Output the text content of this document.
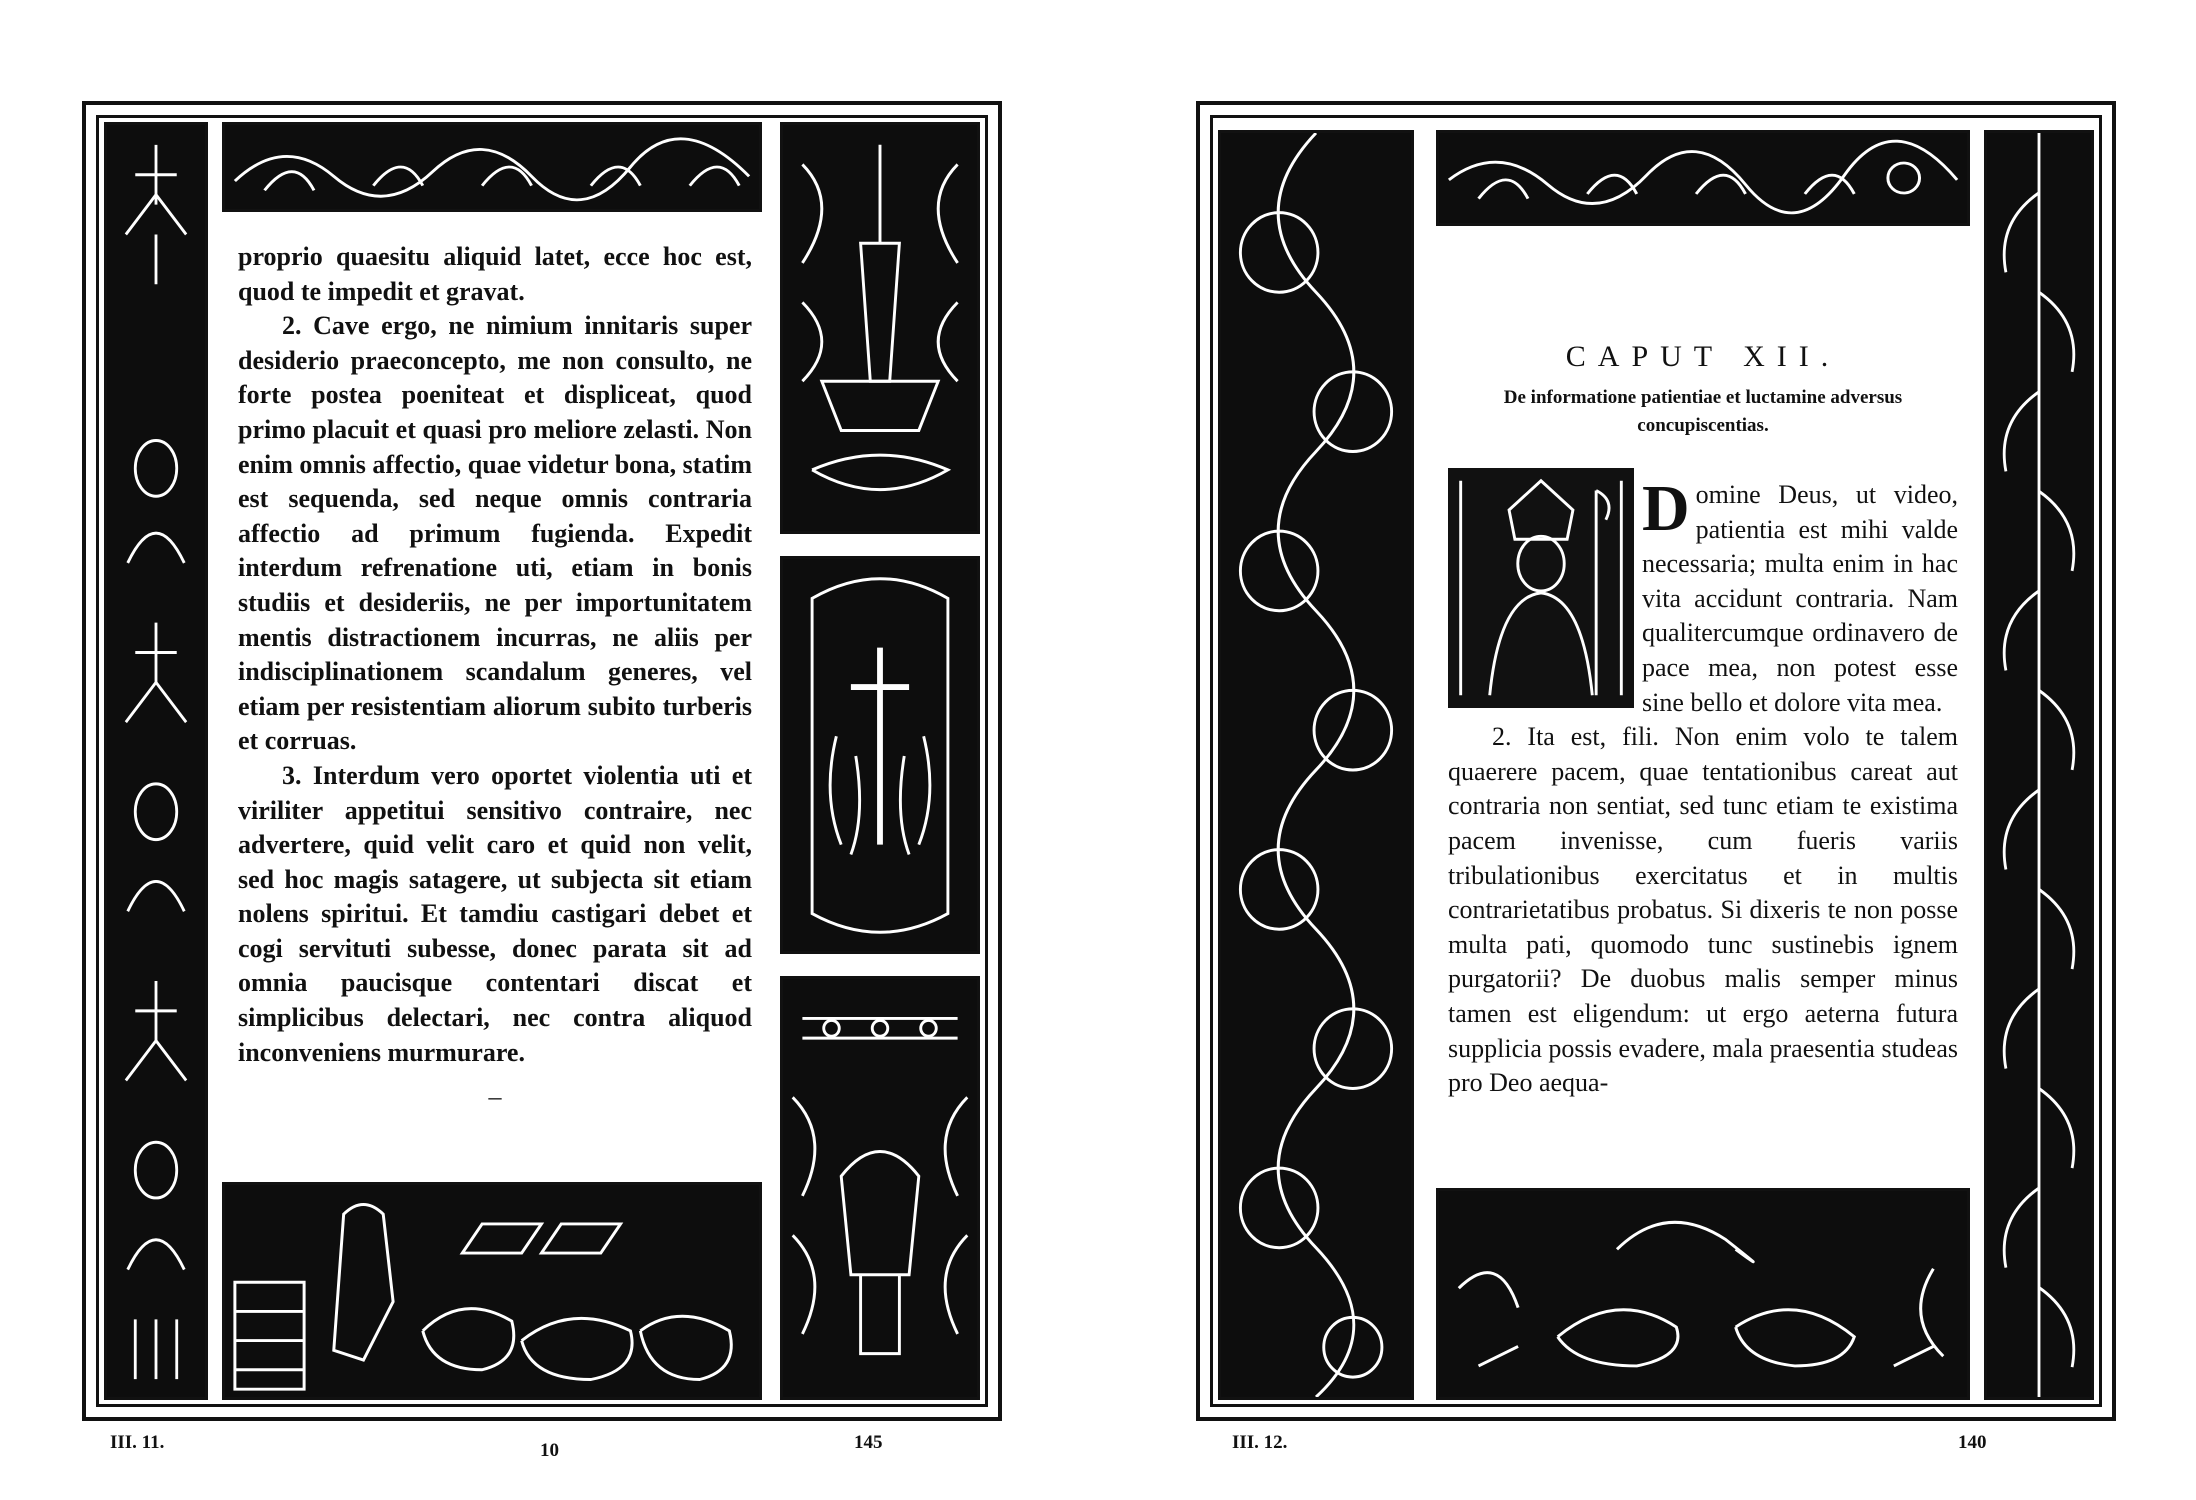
proprio quaesitu aliquid latet, ecce hoc est, quod te impedit et gravat.

2. Cave ergo, ne nimium innitaris super desiderio praeconcepto, me non consulto, ne forte postea poeniteat et displiceat, quod primo placuit et quasi pro meliore zelasti. Non enim omnis affectio, quae videtur bona, statim est sequenda, sed neque omnis contraria affectio ad primum fugienda. Expedit interdum refrenatione uti, etiam in bonis studiis et desideriis, ne per importunitatem mentis distractionem incurras, ne aliis per indisciplinationem scandalum generes, vel etiam per resistentiam aliorum subito turberis et corruas.

3. Interdum vero oportet violentia uti et viriliter appetitui sensitivo contraire, nec advertere, quid velit caro et quid non velit, sed hoc magis satagere, ut subjecta sit etiam nolens spiritui. Et tamdiu castigari debet et cogi servituti subesse, donec parata sit ad omnia paucisque contentari discat et simplicibus delectari, nec contra aliquod inconveniens murmurare.

–

III. 11.	10	145
CAPUT XII.
De informatione patientiae et luctamine adversus concupiscentias.

Domine Deus, ut video, patientia est mihi valde necessaria; multa enim in hac vita accidunt contraria. Nam qualitercumque ordinavero de pace mea, non potest esse sine bello et dolore vita mea.

2. Ita est, fili. Non enim volo te talem quaerere pacem, quae tentationibus careat aut contraria non sentiat, sed tunc etiam te existima pacem invenisse, cum fueris variis tribulationibus exercitatus et in multis contrarietatibus probatus. Si dixeris te non posse multa pati, quomodo tunc sustinebis ignem purgatorii? De duobus malis semper minus tamen est eligendum: ut ergo aeterna futura supplicia possis evadere, mala praesentia studeas pro Deo aequa-

III. 12.	140
